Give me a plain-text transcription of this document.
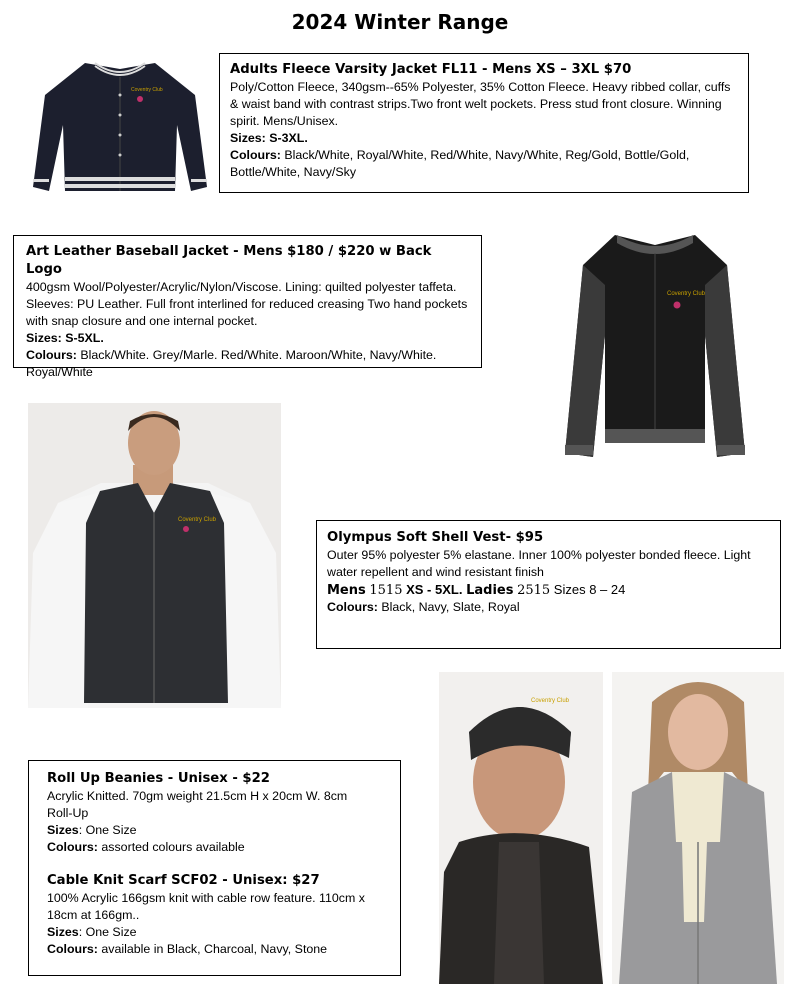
2024 Winter Range
Coventry Club
Adults Fleece Varsity Jacket FL11 - Mens XS – 3XL $70
Poly/Cotton Fleece, 340gsm--65% Polyester, 35% Cotton Fleece. Heavy ribbed collar, cuffs & waist band with contrast strips.Two front welt pockets. Press stud front closure. Winning spirit. Mens/Unisex.
Sizes: S-3XL.
Colours: Black/White, Royal/White, Red/White, Navy/White, Reg/Gold, Bottle/Gold, Bottle/White, Navy/Sky
Art Leather Baseball Jacket - Mens $180 / $220 w Back Logo
400gsm Wool/Polyester/Acrylic/Nylon/Viscose. Lining: quilted polyester taffeta. Sleeves: PU Leather. Full front interlined for reduced creasing Two hand pockets with snap closure and one internal pocket.
Sizes: S-5XL.
Colours: Black/White. Grey/Marle. Red/White. Maroon/White, Navy/White. Royal/White
Coventry Club
Coventry Club
Olympus Soft Shell Vest- $95
Outer 95% polyester 5% elastane. Inner 100% polyester bonded fleece. Light water repellent and wind resistant finish
Mens 1515 XS - 5XL. Ladies 2515 Sizes 8 – 24
Colours: Black, Navy, Slate, Royal
Coventry Club
Roll Up Beanies - Unisex - $22
Acrylic Knitted. 70gm weight 21.5cm H x 20cm W. 8cm Roll-Up
Sizes: One Size
Colours: assorted colours available
Cable Knit Scarf SCF02 - Unisex: $27
100% Acrylic 166gsm knit with cable row feature. 110cm x 18cm at 166gm..
Sizes: One Size
Colours: available in Black, Charcoal, Navy, Stone
